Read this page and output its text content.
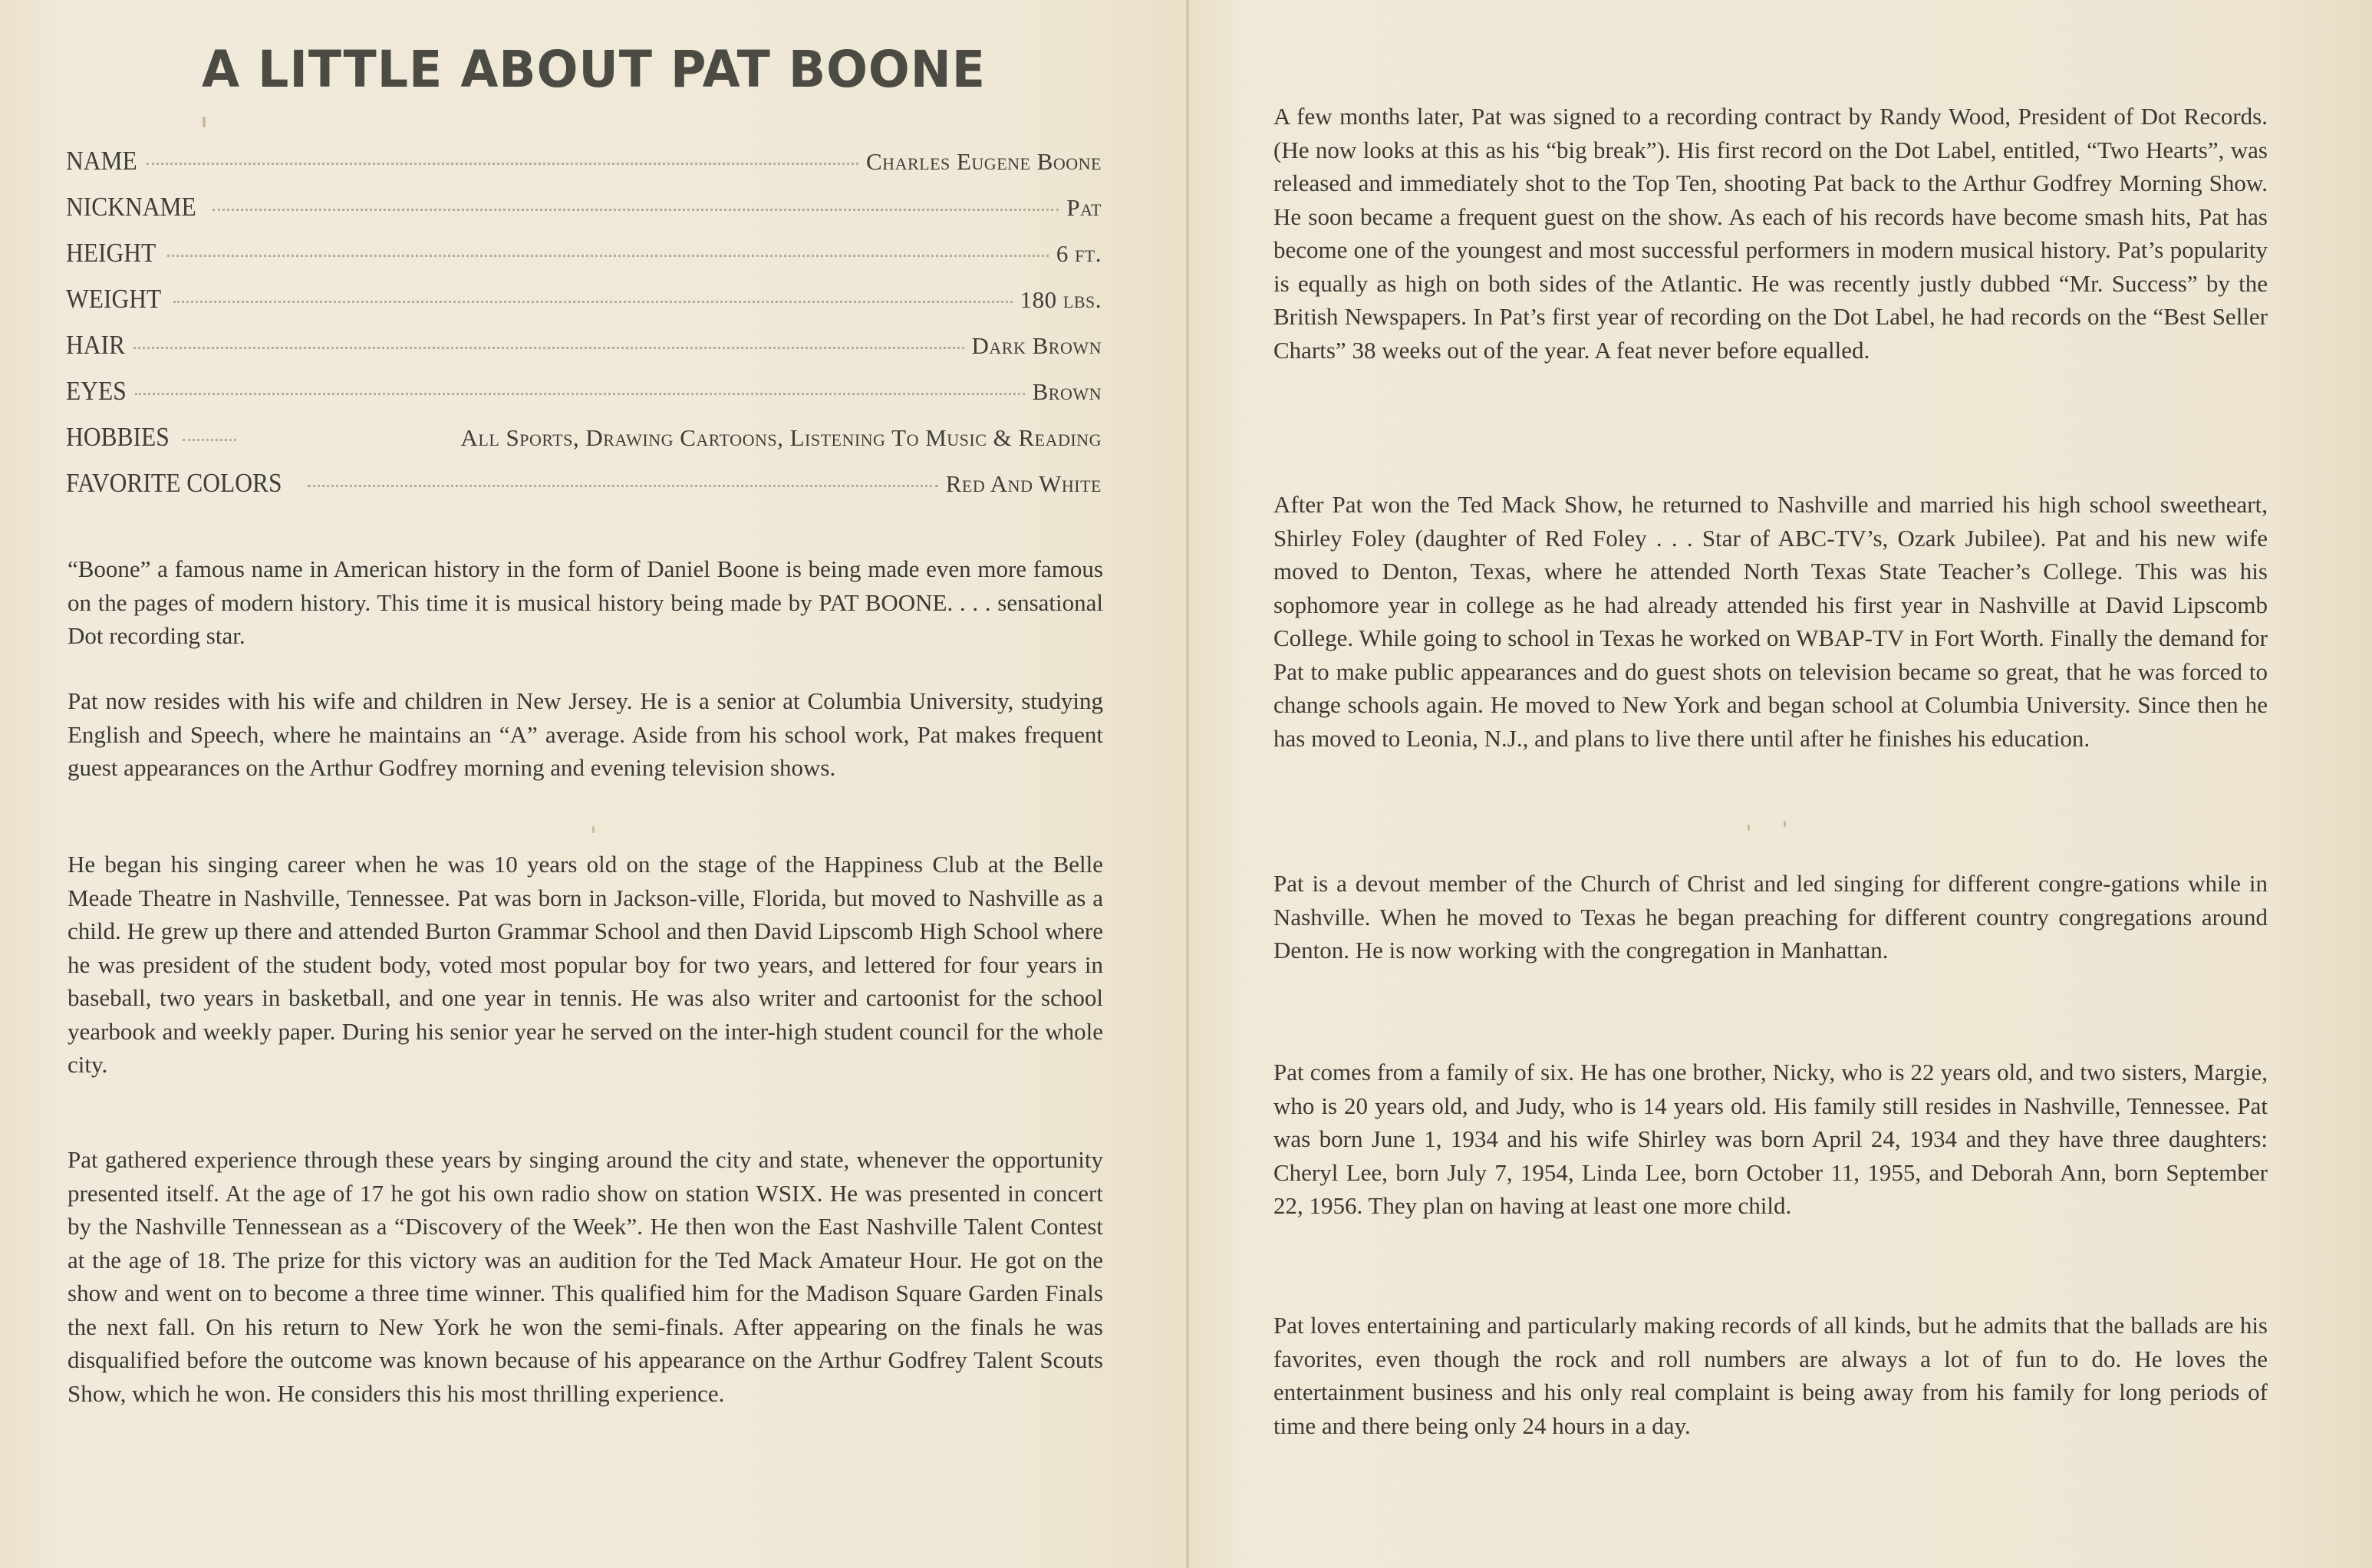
A LITTLE ABOUT PAT BOONE
NAME	Charles Eugene Boone
NICKNAME	Pat
HEIGHT	6 ft.
WEIGHT	180 lbs.
HAIR	Dark Brown
EYES	Brown
HOBBIES	All Sports, Drawing Cartoons, Listening To Music & Reading
FAVORITE COLORS	Red And White

“Boone” a famous name in American history in the form of Daniel Boone is being made even more famous on the pages of modern history. This time it is musical history being made by PAT BOONE. . . . sensational Dot recording star.

Pat now resides with his wife and children in New Jersey. He is a senior at Columbia University, studying English and Speech, where he maintains an “A” average. Aside from his school work, Pat makes frequent guest appearances on the Arthur Godfrey morning and evening television shows.

He began his singing career when he was 10 years old on the stage of the Happiness Club at the Belle Meade Theatre in Nashville, Tennessee. Pat was born in Jackson-ville, Florida, but moved to Nashville as a child. He grew up there and attended Burton Grammar School and then David Lipscomb High School where he was president of the student body, voted most popular boy for two years, and lettered for four years in baseball, two years in basketball, and one year in tennis. He was also writer and cartoonist for the school yearbook and weekly paper. During his senior year he served on the inter-high student council for the whole city.

Pat gathered experience through these years by singing around the city and state, whenever the opportunity presented itself. At the age of 17 he got his own radio show on station WSIX. He was presented in concert by the Nashville Tennessean as a “Discovery of the Week”. He then won the East Nashville Talent Contest at the age of 18. The prize for this victory was an audition for the Ted Mack Amateur Hour. He got on the show and went on to become a three time winner. This qualified him for the Madison Square Garden Finals the next fall. On his return to New York he won the semi-finals. After appearing on the finals he was disqualified before the outcome was known because of his appearance on the Arthur Godfrey Talent Scouts Show, which he won. He considers this his most thrilling experience.

A few months later, Pat was signed to a recording contract by Randy Wood, President of Dot Records. (He now looks at this as his “big break”). His first record on the Dot Label, entitled, “Two Hearts”, was released and immediately shot to the Top Ten, shooting Pat back to the Arthur Godfrey Morning Show. He soon became a frequent guest on the show. As each of his records have become smash hits, Pat has become one of the youngest and most successful performers in modern musical history. Pat’s popularity is equally as high on both sides of the Atlantic. He was recently justly dubbed “Mr. Success” by the British Newspapers. In Pat’s first year of recording on the Dot Label, he had records on the “Best Seller Charts” 38 weeks out of the year. A feat never before equalled.

After Pat won the Ted Mack Show, he returned to Nashville and married his high school sweetheart, Shirley Foley (daughter of Red Foley . . . Star of ABC-TV’s, Ozark Jubilee). Pat and his new wife moved to Denton, Texas, where he attended North Texas State Teacher’s College. This was his sophomore year in college as he had already attended his first year in Nashville at David Lipscomb College. While going to school in Texas he worked on WBAP-TV in Fort Worth. Finally the demand for Pat to make public appearances and do guest shots on television became so great, that he was forced to change schools again. He moved to New York and began school at Columbia University. Since then he has moved to Leonia, N.J., and plans to live there until after he finishes his education.

Pat is a devout member of the Church of Christ and led singing for different congre-gations while in Nashville. When he moved to Texas he began preaching for different country congregations around Denton. He is now working with the congregation in Manhattan.

Pat comes from a family of six. He has one brother, Nicky, who is 22 years old, and two sisters, Margie, who is 20 years old, and Judy, who is 14 years old. His family still resides in Nashville, Tennessee. Pat was born June 1, 1934 and his wife Shirley was born April 24, 1934 and they have three daughters: Cheryl Lee, born July 7, 1954, Linda Lee, born October 11, 1955, and Deborah Ann, born September 22, 1956. They plan on having at least one more child.

Pat loves entertaining and particularly making records of all kinds, but he admits that the ballads are his favorites, even though the rock and roll numbers are always a lot of fun to do. He loves the entertainment business and his only real complaint is being away from his family for long periods of time and there being only 24 hours in a day.
